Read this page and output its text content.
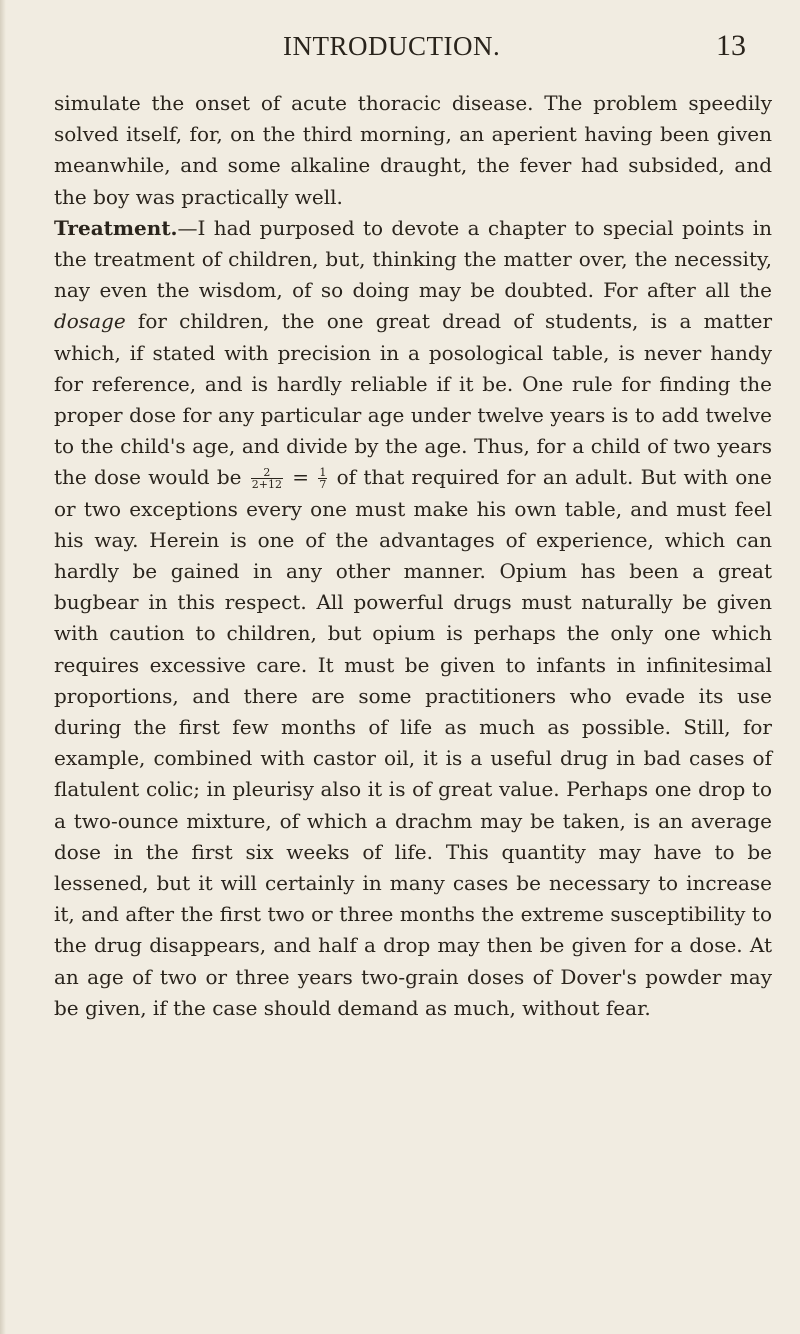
INTRODUCTION.	13

simulate the onset of acute thoracic disease. The problem speedily solved itself, for, on the third morning, an aperient having been given meanwhile, and some alkaline draught, the fever had subsided, and the boy was practically well.

Treatment.—I had purposed to devote a chapter to special points in the treatment of children, but, thinking the matter over, the necessity, nay even the wisdom, of so doing may be doubted. For after all the dosage for children, the one great dread of students, is a matter which, if stated with precision in a posological table, is never handy for reference, and is hardly reliable if it be. One rule for finding the proper dose for any particular age under twelve years is to add twelve to the child's age, and divide by the age. Thus, for a child of two years the dose would be $\frac{2}{2+12} = \frac{1}{7}$ of that required for an adult. But with one or two exceptions every one must make his own table, and must feel his way. Herein is one of the advantages of experience, which can hardly be gained in any other manner. Opium has been a great bugbear in this respect. All powerful drugs must naturally be given with caution to children, but opium is perhaps the only one which requires excessive care. It must be given to infants in infinitesimal proportions, and there are some practitioners who evade its use during the first few months of life as much as possible. Still, for example, combined with castor oil, it is a useful drug in bad cases of flatulent colic; in pleurisy also it is of great value. Perhaps one drop to a two-ounce mixture, of which a drachm may be taken, is an average dose in the first six weeks of life. This quantity may have to be lessened, but it will certainly in many cases be necessary to increase it, and after the first two or three months the extreme susceptibility to the drug disappears, and half a drop may then be given for a dose. At an age of two or three years two-grain doses of Dover's powder may be given, if the case should demand as much, without fear.
